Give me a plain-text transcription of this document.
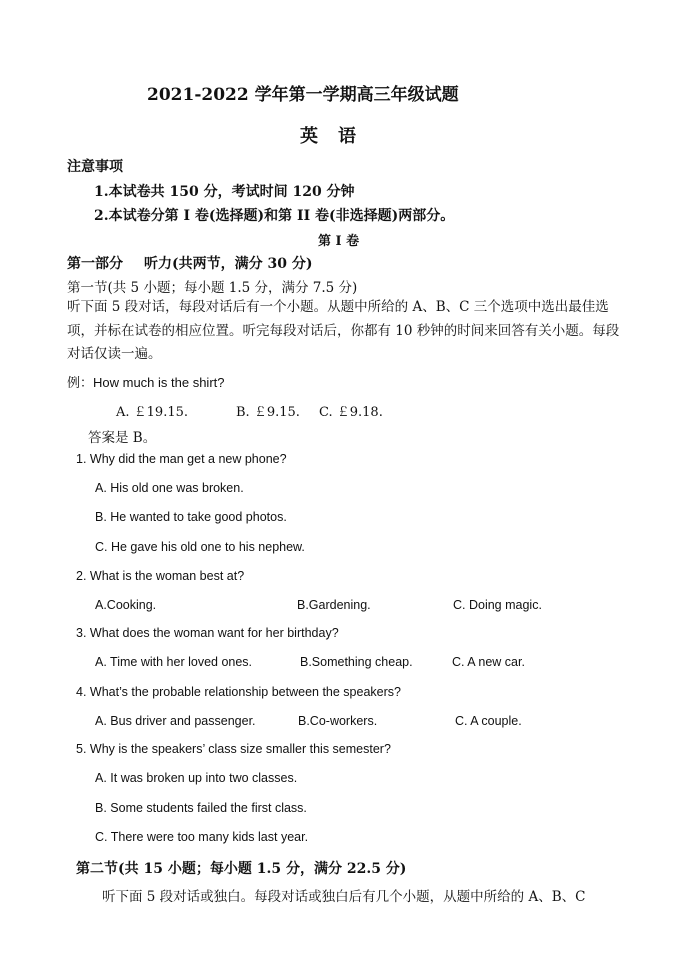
2021-2022 学年第一学期高三年级试题
英　语
注意事项
1.本试卷共 150 分，考试时间 120 分钟
2.本试卷分第 I 卷(选择题)和第 II 卷(非选择题)两部分。
第 I 卷
第一部分 听力(共两节，满分 30 分)
第一节(共 5 小题；每小题 1.5 分，满分 7.5 分)
听下面 5 段对话，每段对话后有一个小题。从题中所给的 A、B、C 三个选项中选出最佳选项，并标在试卷的相应位置。听完每段对话后，你都有 10 秒钟的时间来回答有关小题。每段对话仅读一遍。
例：How much is the shirt?
A. ￡19.15.	B. ￡9.15. C. ￡9.18.
答案是 B。
1. Why did the man get a new phone?
A. His old one was broken.
B. He wanted to take good photos.
C. He gave his old one to his nephew.
2. What is the woman best at?
A.Cooking.	B.Gardening.	C. Doing magic.
3. What does the woman want for her birthday?
A. Time with her loved ones.	B.Something cheap.	C. A new car.
4. What’s the probable relationship between the speakers?
A. Bus driver and passenger.	B.Co-workers.	C. A couple.
5. Why is the speakers’ class size smaller this semester?
A. It was broken up into two classes.
B. Some students failed the first class.
C. There were too many kids last year.
第二节(共 15 小题；每小题 1.5 分，满分 22.5 分)
听下面 5 段对话或独白。每段对话或独白后有几个小题，从题中所给的 A、B、C
